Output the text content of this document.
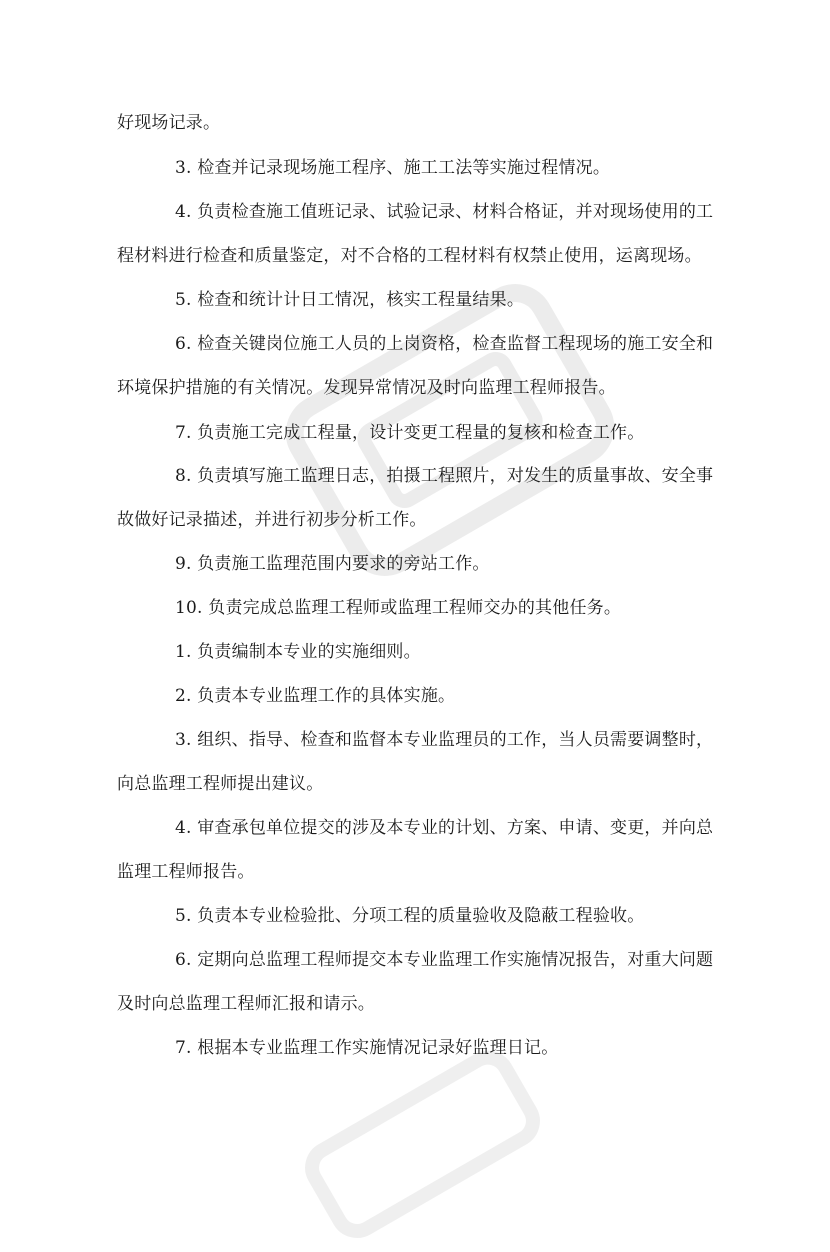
好现场记录。
3. 检查并记录现场施工程序、施工工法等实施过程情况。
4. 负责检查施工值班记录、试验记录、材料合格证，并对现场使用的工
程材料进行检查和质量鉴定，对不合格的工程材料有权禁止使用，运离现场。
5. 检查和统计计日工情况，核实工程量结果。
6. 检查关键岗位施工人员的上岗资格，检查监督工程现场的施工安全和
环境保护措施的有关情况。发现异常情况及时向监理工程师报告。
7. 负责施工完成工程量，设计变更工程量的复核和检查工作。
8. 负责填写施工监理日志，拍摄工程照片，对发生的质量事故、安全事
故做好记录描述，并进行初步分析工作。
9. 负责施工监理范围内要求的旁站工作。
10. 负责完成总监理工程师或监理工程师交办的其他任务。
1. 负责编制本专业的实施细则。
2. 负责本专业监理工作的具体实施。
3. 组织、指导、检查和监督本专业监理员的工作，当人员需要调整时，
向总监理工程师提出建议。
4. 审查承包单位提交的涉及本专业的计划、方案、申请、变更，并向总
监理工程师报告。
5. 负责本专业检验批、分项工程的质量验收及隐蔽工程验收。
6. 定期向总监理工程师提交本专业监理工作实施情况报告，对重大问题
及时向总监理工程师汇报和请示。
7. 根据本专业监理工作实施情况记录好监理日记。
